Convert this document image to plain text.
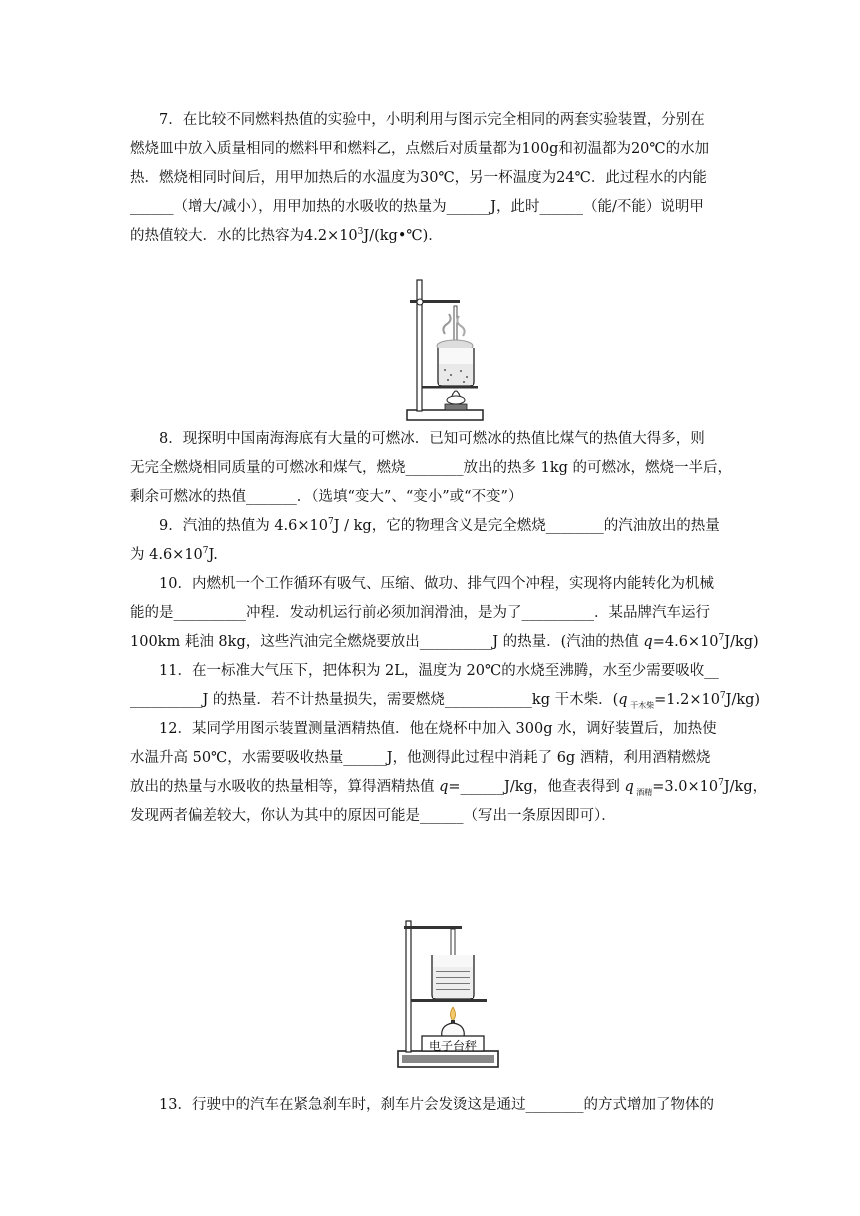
7．在比较不同燃料热值的实验中，小明利用与图示完全相同的两套实验装置，分别在
燃烧皿中放入质量相同的燃料甲和燃料乙，点燃后对质量都为100g和初温都为20℃的水加
热．燃烧相同时间后，用甲加热后的水温度为30℃，另一杯温度为24℃．此过程水的内能
______（增大/减小），用甲加热的水吸收的热量为______J，此时______（能/不能）说明甲
的热值较大．水的比热容为$4.2\times 10^3J/(kg•℃)$．
8．现探明中国南海海底有大量的可燃冰．已知可燃冰的热值比煤气的热值大得多，则
无完全燃烧相同质量的可燃冰和煤气，燃烧________放出的热多 1kg 的可燃冰，燃烧一半后，
剩余可燃冰的热值_______．（选填“变大”、“变小”或“不变”）
9．汽油的热值为 $4.6\times 10^7J$ / kg，它的物理含义是完全燃烧________的汽油放出的热量
为 $4.6\times 10^7J$.
10．内燃机一个工作循环有吸气、压缩、做功、排气四个冲程，实现将内能转化为机械
能的是__________冲程．发动机运行前必须加润滑油，是为了__________．某品牌汽车运行
100km 耗油 8kg，这些汽油完全燃烧要放出__________J 的热量．(汽油的热值 $q=4.6\times 10^7J/kg$)
11．在一标准大气压下，把体积为 2L，温度为 20℃的水烧至沸腾，水至少需要吸收__
__________J 的热量．若不计热量损失，需要燃烧____________kg 干木柴．(q $_{干木柴}=1.2\times 10^7J/kg$)
12．某同学用图示装置测量酒精热值．他在烧杯中加入 300g 水，调好装置后，加热使
水温升高 50℃，水需要吸收热量______J，他测得此过程中消耗了 6g 酒精，利用酒精燃烧
放出的热量与水吸收的热量相等，算得酒精热值 q=______J/kg，他查表得到 q $_{酒精}=3.0\times 10^7J/kg$，
发现两者偏差较大，你认为其中的原因可能是______（写出一条原因即可）．
电子台秤
13．行驶中的汽车在紧急刹车时，刹车片会发烫这是通过________的方式增加了物体的
